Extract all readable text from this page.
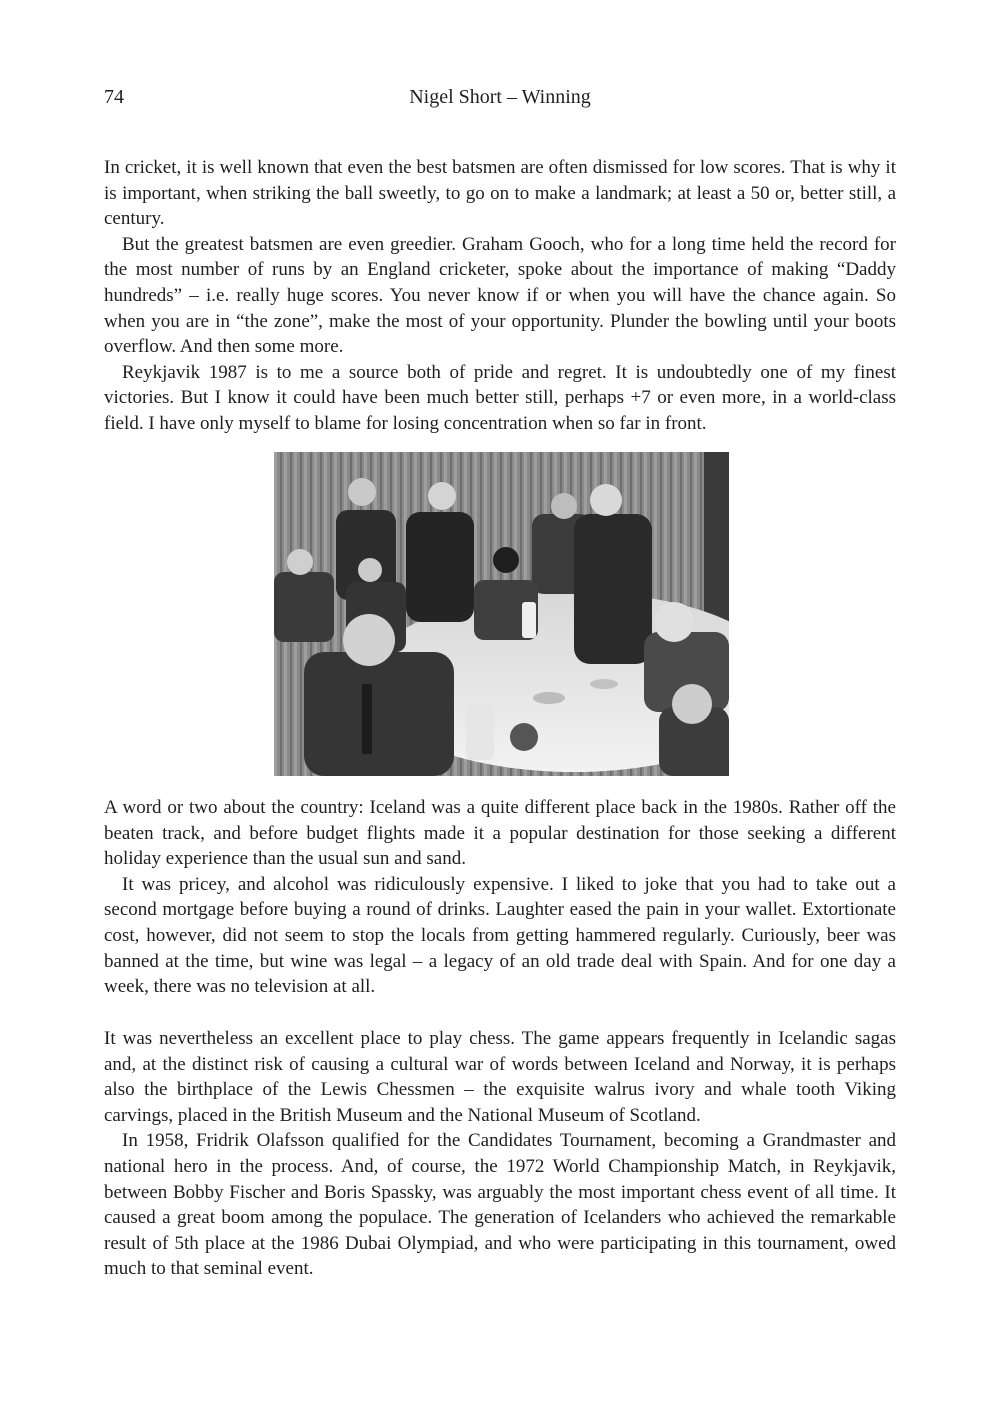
74	Nigel Short – Winning

In cricket, it is well known that even the best batsmen are often dismissed for low scores. That is why it is important, when striking the ball sweetly, to go on to make a landmark; at least a 50 or, better still, a century.

But the greatest batsmen are even greedier. Graham Gooch, who for a long time held the record for the most number of runs by an England cricketer, spoke about the importance of making “Daddy hundreds” – i.e. really huge scores. You never know if or when you will have the chance again. So when you are in “the zone”, make the most of your opportunity. Plunder the bowling until your boots overflow. And then some more.

Reykjavik 1987 is to me a source both of pride and regret. It is undoubtedly one of my finest victories. But I know it could have been much better still, perhaps +7 or even more, in a world-class field. I have only myself to blame for losing concentration when so far in front.

A word or two about the country: Iceland was a quite different place back in the 1980s. Rather off the beaten track, and before budget flights made it a popular destination for those seeking a different holiday experience than the usual sun and sand.

It was pricey, and alcohol was ridiculously expensive. I liked to joke that you had to take out a second mortgage before buying a round of drinks. Laughter eased the pain in your wallet. Extortionate cost, however, did not seem to stop the locals from getting hammered regularly. Curiously, beer was banned at the time, but wine was legal – a legacy of an old trade deal with Spain. And for one day a week, there was no television at all.

It was nevertheless an excellent place to play chess. The game appears frequently in Icelandic sagas and, at the distinct risk of causing a cultural war of words between Iceland and Norway, it is perhaps also the birthplace of the Lewis Chessmen – the exquisite walrus ivory and whale tooth Viking carvings, placed in the British Museum and the National Museum of Scotland.

In 1958, Fridrik Olafsson qualified for the Candidates Tournament, becoming a Grandmaster and national hero in the process. And, of course, the 1972 World Championship Match, in Reykjavik, between Bobby Fischer and Boris Spassky, was arguably the most important chess event of all time. It caused a great boom among the populace. The generation of Icelanders who achieved the remarkable result of 5th place at the 1986 Dubai Olympiad, and who were participating in this tournament, owed much to that seminal event.
